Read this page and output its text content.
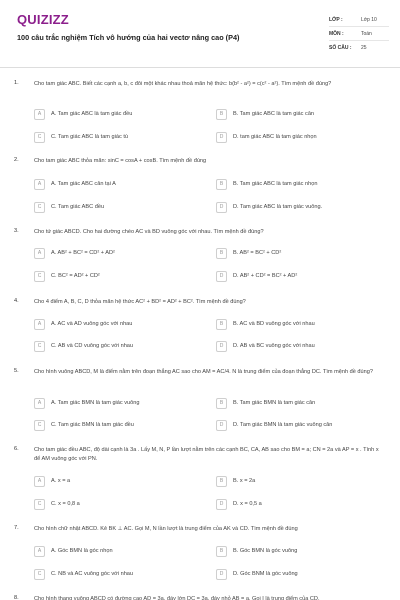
QUIZIZZ
100 câu trắc nghiệm Tích vô hướng của hai vectơ nâng cao (P4)
LỚP :	Lớp 10
MÔN :	Toán
SỐ CÂU :	25
1.	Cho tam giác ABC. Biết các cạnh a, b, c đôi một khác nhau thoả mãn hệ thức: b(b² - a²) = c(c² - a²). Tìm mệnh đề đúng?
A	A. Tam giác ABC là tam giác đều	B	B. Tam giác ABC là tam giác cân
C	C. Tam giác ABC là tam giác tù	D	D. tam giác ABC là tam giác nhọn
2.	Cho tam giác ABC thỏa mãn: sinC = cosA + cosB. Tìm mệnh đề đúng
A	A. Tam giác ABC cân tại A	B	B. Tam giác ABC là tam giác nhọn
C	C. Tam giác ABC đều	D	D. Tam giác ABC là tam giác vuông.
3.	Cho tứ giác ABCD. Cho hai đường chéo AC và BD vuông góc với nhau. Tìm mệnh đề đúng?
A	A. AB² + BC² = CD² + AD²	B	B. AB² = BC² + CD²
C	C. BC² = AD² + CD²	D	D. AB² + CD² = BC² + AD²
4.	Cho 4 điểm A, B, C, D thỏa mãn hệ thức AC² + BD² = AD² + BC². Tìm mệnh đề đúng?
A	A. AC và AD vuông góc với nhau	B	B. AC và BD vuông góc với nhau
C	C. AB và CD vuông góc với nhau	D	D. AB và BC vuông góc với nhau
5.	Cho hình vuông ABCD, M là điểm nằm trên đoạn thẳng AC sao cho AM = AC/4. N là trung điểm của đoạn thẳng DC. Tìm mệnh đề đúng?
A	A. Tam giác BMN là tam giác vuông	B	B. Tam giác BMN là tam giác cân
C	C. Tam giác BMN là tam giác đều	D	D. Tam giác BMN là tam giác vuông cân
6.	Cho tam giác đều ABC, độ dài cạnh là 3a . Lấy M, N, P lần lượt nằm trên các cạnh BC, CA, AB sao cho BM = a; CN = 2a và AP = x . Tính x để AM vuông góc với PN.
A	A. x = a	B	B. x = 2a
C	C. x = 0,8 a	D	D. x = 0,5 a
7.	Cho hình chữ nhật ABCD. Kẻ BK ⊥ AC. Gọi M, N lần lượt là trung điểm của AK và CD. Tìm mệnh đề đúng
A	A. Góc BMN là góc nhọn	B	B. Góc BMN là góc vuông
C	C. NB và AC vuông góc với nhau	D	D. Góc BNM là góc vuông
8.	Cho hình thang vuông ABCD có đường cao AD = 3a, đáy lớn DC = 3a, đáy nhỏ AB = a. Gọi I là trung điểm của CD.
